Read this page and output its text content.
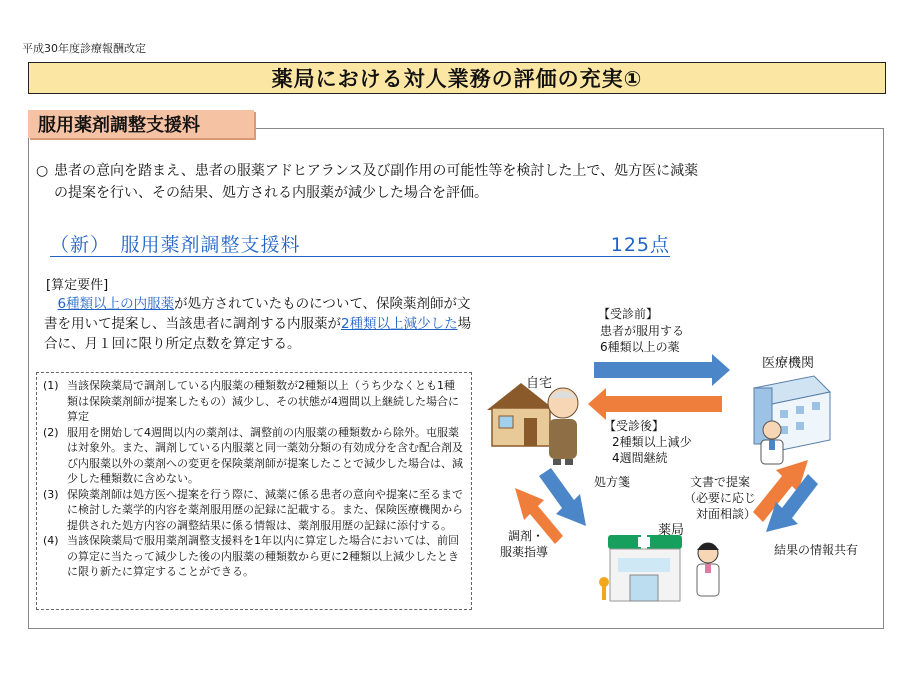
平成30年度診療報酬改定
薬局における対人業務の評価の充実①
服用薬剤調整支援料
○ 患者の意向を踏まえ、患者の服薬アドヒアランス及び副作用の可能性等を検討した上で、処方医に減薬
の提案を行い、その結果、処方される内服薬が減少した場合を評価。
（新）　服用薬剤調整支援料	125点
[算定要件]
　6種類以上の内服薬が処方されていたものについて、保険薬剤師が文書を用いて提案し、当該患者に調剤する内服薬が2種類以上減少した場合に、月１回に限り所定点数を算定する。
(1) 当該保険薬局で調剤している内服薬の種類数が2種類以上（うち少なくとも1種類は保険薬剤師が提案したもの）減少し、その状態が4週間以上継続した場合に算定
(2) 服用を開始して4週間以内の薬剤は、調整前の内服薬の種類数から除外。屯服薬は対象外。また、調剤している内服薬と同一薬効分類の有効成分を含む配合剤及び内服薬以外の薬剤への変更を保険薬剤師が提案したことで減少した場合は、減少した種類数に含めない。
(3) 保険薬剤師は処方医へ提案を行う際に、減薬に係る患者の意向や提案に至るまでに検討した薬学的内容を薬剤服用歴の記録に記載する。また、保険医療機関から提供された処方内容の調整結果に係る情報は、薬剤服用歴の記録に添付する。
(4) 当該保険薬局で服用薬剤調整支援料を1年以内に算定した場合においては、前回の算定に当たって減少した後の内服薬の種類数から更に2種類以上減少したときに限り新たに算定することができる。
自宅
医療機関
薬局
【受診前】
患者が服用する
6種類以上の薬
【受診後】
2種類以上減少
4週間継続
処方箋	文書で提案
（必要に応じ
対面相談）
調剤・
服薬指導	結果の情報共有
